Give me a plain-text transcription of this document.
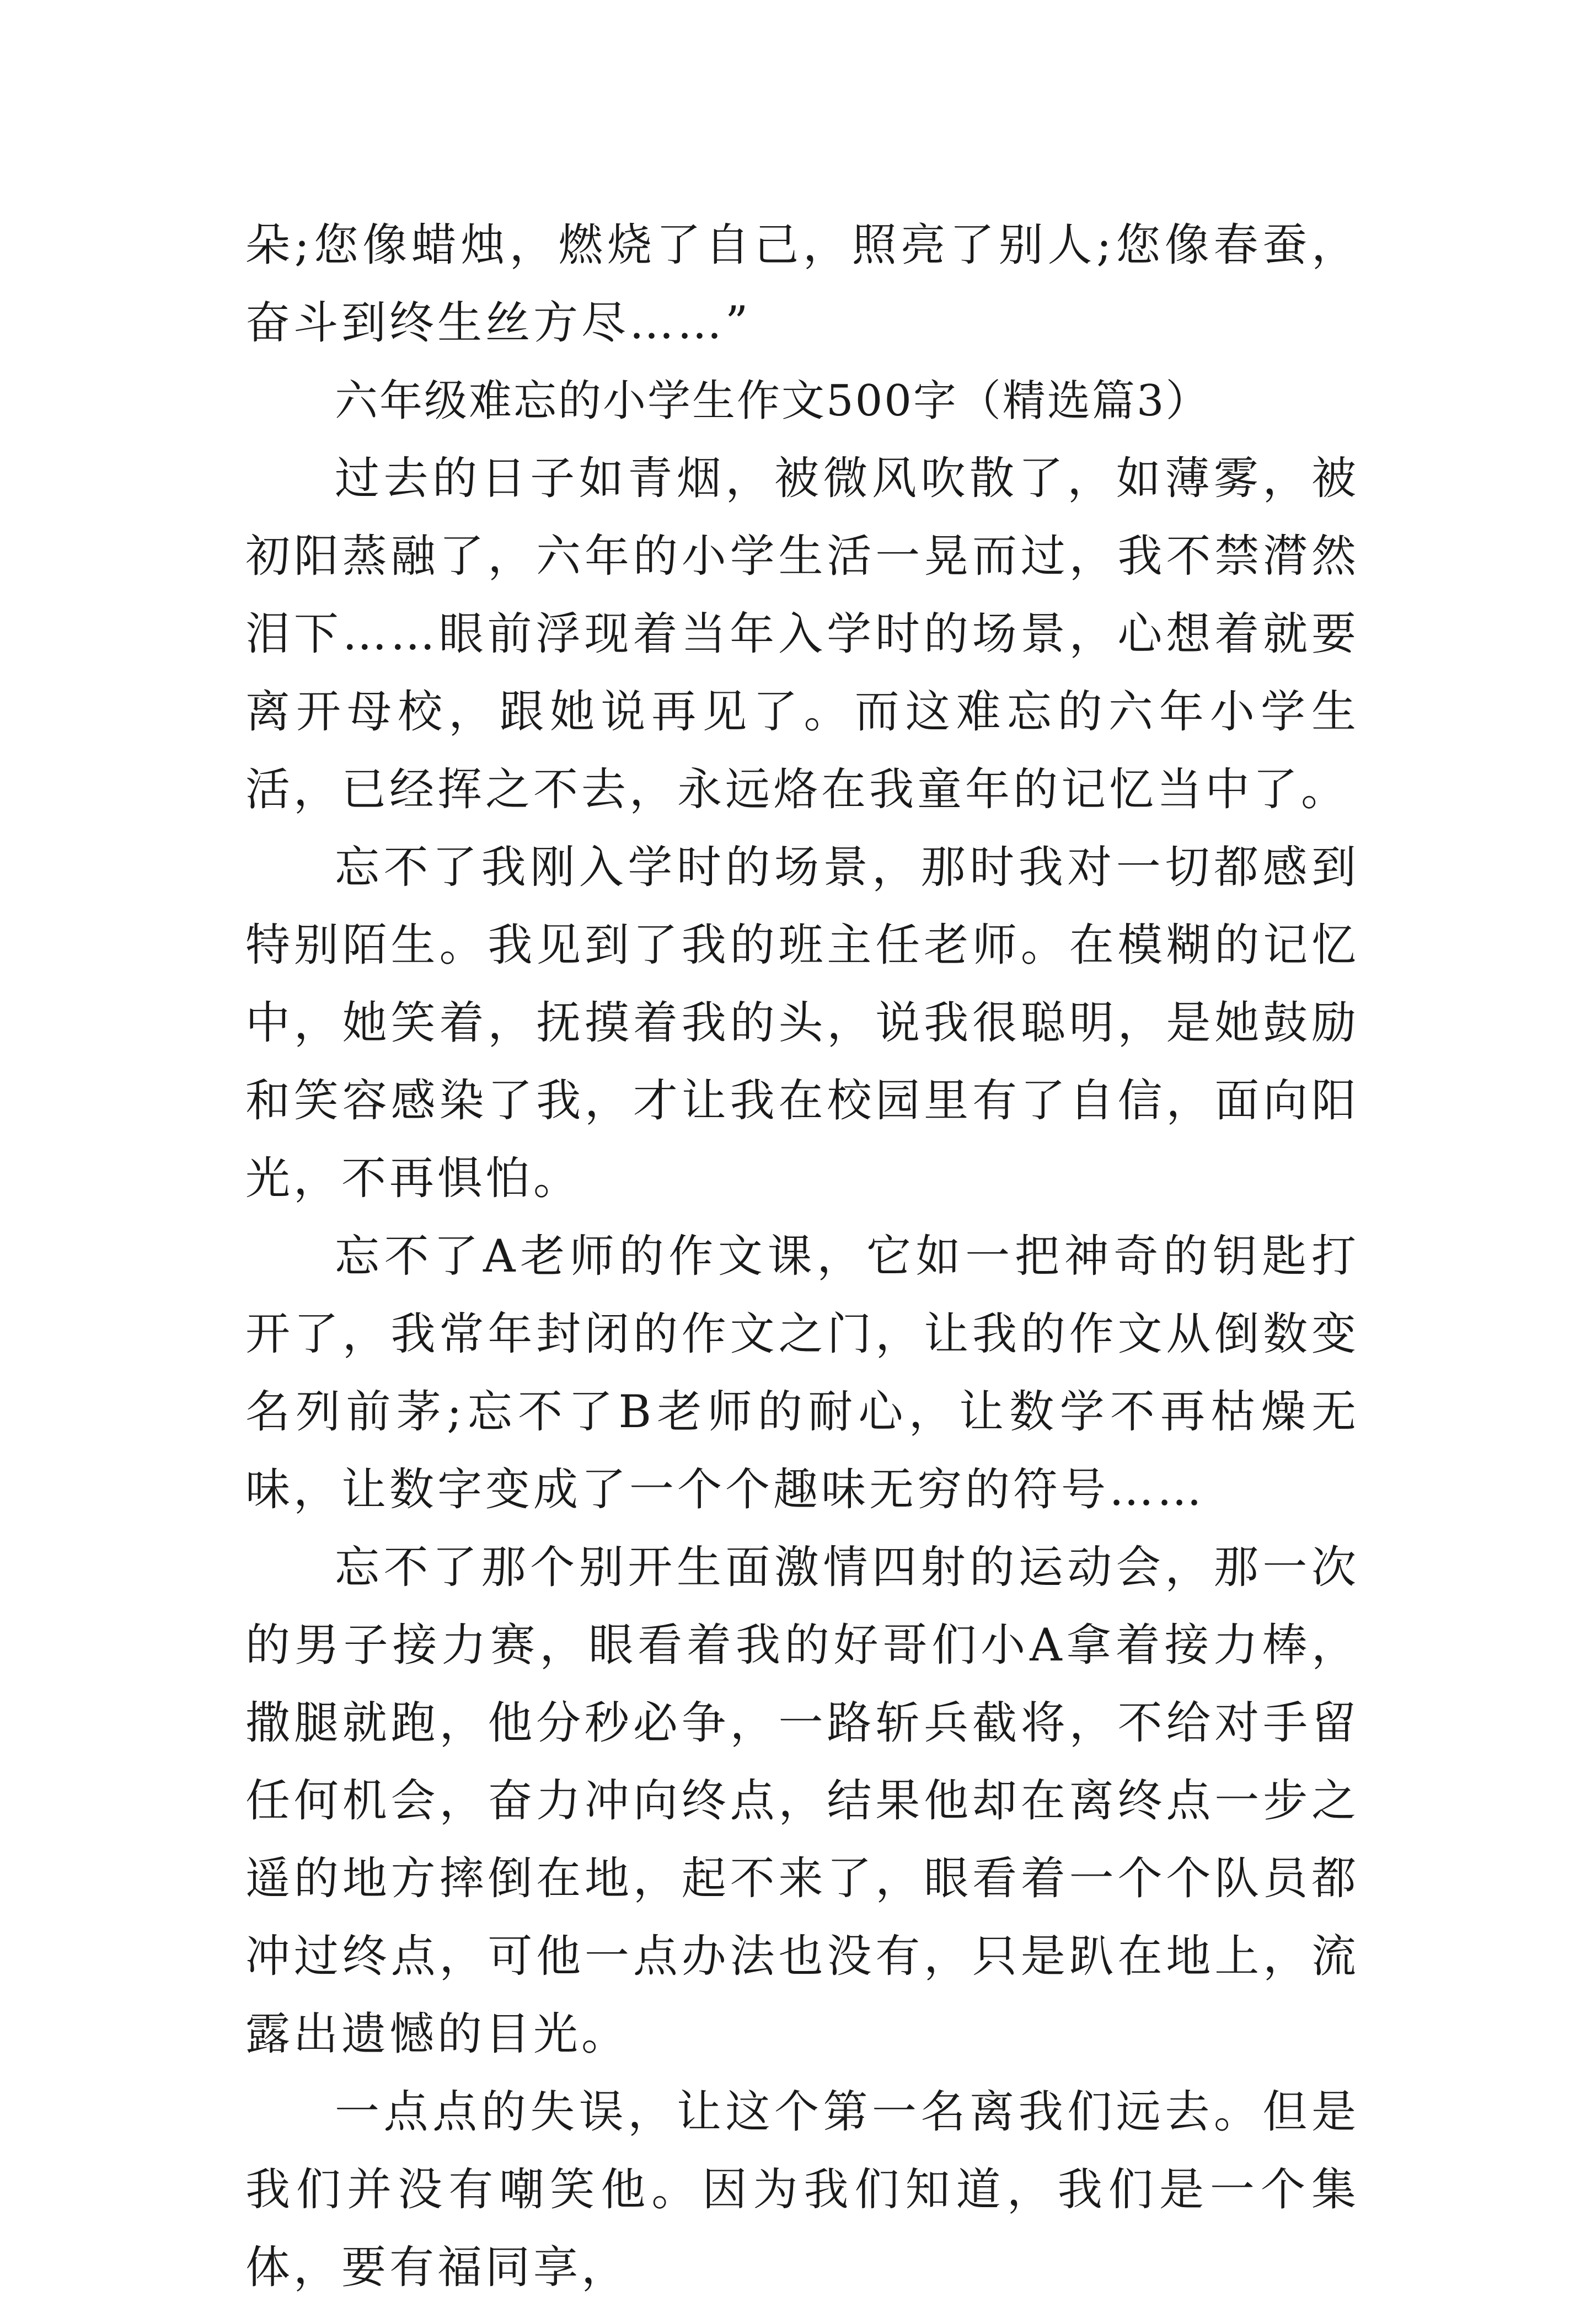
朵;您像蜡烛，燃烧了自己，照亮了别人;您像春蚕，奋斗到终生丝方尽……”

六年级难忘的小学生作文500字（精选篇3）

过去的日子如青烟，被微风吹散了，如薄雾，被初阳蒸融了，六年的小学生活一晃而过，我不禁潸然泪下……眼前浮现着当年入学时的场景，心想着就要离开母校，跟她说再见了。而这难忘的六年小学生活，已经挥之不去，永远烙在我童年的记忆当中了。

忘不了我刚入学时的场景，那时我对一切都感到特别陌生。我见到了我的班主任老师。在模糊的记忆中，她笑着，抚摸着我的头，说我很聪明，是她鼓励和笑容感染了我，才让我在校园里有了自信，面向阳光，不再惧怕。

忘不了A老师的作文课，它如一把神奇的钥匙打开了，我常年封闭的作文之门，让我的作文从倒数变名列前茅;忘不了B老师的耐心，让数学不再枯燥无味，让数字变成了一个个趣味无穷的符号……

忘不了那个别开生面激情四射的运动会，那一次的男子接力赛，眼看着我的好哥们小A拿着接力棒，撒腿就跑，他分秒必争，一路斩兵截将，不给对手留任何机会，奋力冲向终点，结果他却在离终点一步之遥的地方摔倒在地，起不来了，眼看着一个个队员都冲过终点，可他一点办法也没有，只是趴在地上，流露出遗憾的目光。

一点点的失误，让这个第一名离我们远去。但是我们并没有嘲笑他。因为我们知道，我们是一个集体，要有福同享，
